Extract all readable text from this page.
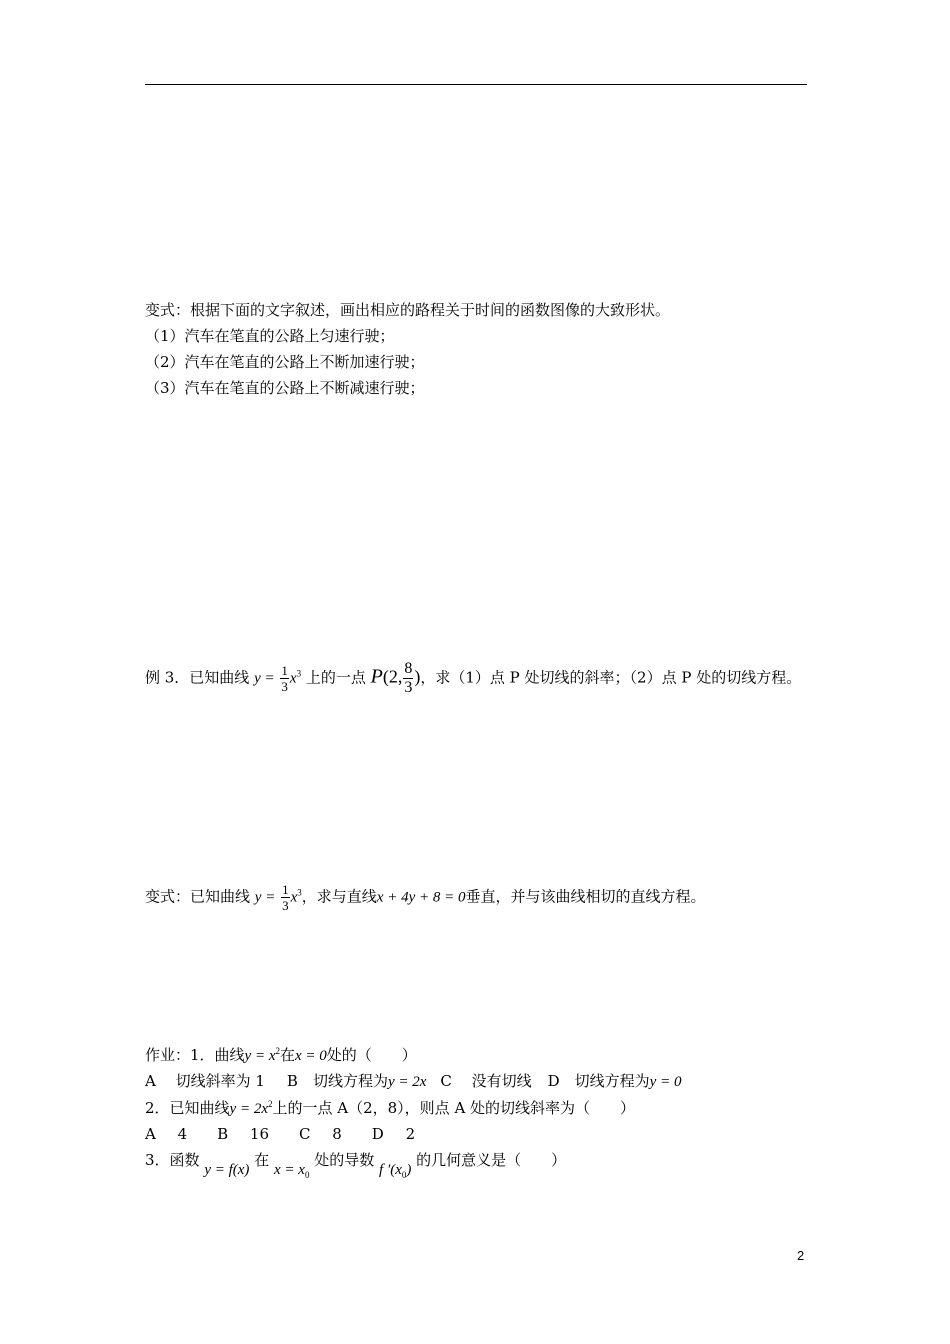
变式：根据下面的文字叙述，画出相应的路程关于时间的函数图像的大致形状。
（1）汽车在笔直的公路上匀速行驶；
（2）汽车在笔直的公路上不断加速行驶；
（3）汽车在笔直的公路上不断减速行驶；
例 3．已知曲线 $y = \frac{1}{3} x^3$ 上的一点 P(2, $\frac{8}{3}$ )，求（1）点 P 处切线的斜率；（2）点 P 处的切线方程。
变式：已知曲线 $y = \frac{1}{3} x^3$，求与直线x + 4y + 8 = 0垂直，并与该曲线相切的直线方程。
作业：1．曲线$y = x^2$在x = 0处的（　　）
A　 切线斜率为 1 B　切线方程为y = 2x C　 没有切线 D　切线方程为y = 0
2．已知曲线$y = 2x^2$上的一点 A（2，8），则点 A 处的切线斜率为（　　）
A　 4　　B　 16　　C　 8　　D　 2
3．函数 y = f(x) 在 $x = x_0$ 处的导数 f $'(x_0)$ 的几何意义是（　　）
2
